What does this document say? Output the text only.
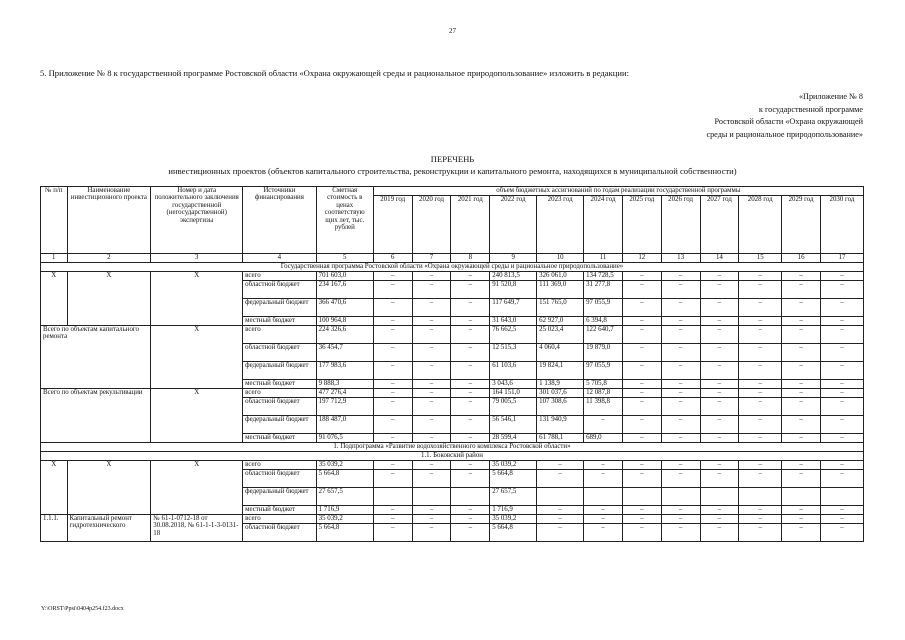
27
5. Приложение № 8 к государственной программе Ростовской области «Охрана окружающей среды и рациональное природопользование» изложить в редакции:
«Приложение № 8
к государственной программе
Ростовской области «Охрана окружающей
среды и рациональное природопользование»
ПЕРЕЧЕНЬ
инвестиционных проектов (объектов капитального строительства, реконструкции и капитального ремонта, находящихся в муниципальной собственности)
№ п/п	Наименование инвестиционного проекта	Номер и дата положительного заключения государственной (негосударственной) экспертизы	Источники финансирования	Сметная стоимость в ценах соответствую щих лет, тыс. рублей	объем бюджетных ассигнований по годам реализации государственной программы											
					2019 год	2020 год	2021 год	2022 год	2023 год	2024 год	2025 год	2026 год	2027 год	2028 год	2029 год	2030 год
1	2	3	4	5	6	7	8	9	10	11	12	13	14	15	16	17
Государственная программа Ростовской области «Охрана окружающей среды и рациональное природопользование»																
Х	Х	Х	всего	701 603,0	–	–	–	240 813,5	326 061,0	134 728,5	–	–	–	–	–	–
			областной бюджет	234 167,6	–	–	–	91 520,8	111 369,0	31 277,8	–	–	–	–	–	–
			федеральный бюджет	366 470,6	–	–	–	117 649,7	151 765,0	97 055,9	–	–	–	–	–	–
			местный бюджет	100 964,8	–	–	–	31 643,0	62 927,0	6 394,8	–	–	–	–	–	–
Всего по объектам капитального ремонта		Х	всего	224 326,6	–	–	–	76 662,5	25 023,4	122 640,7	–	–	–	–	–	–
			областной бюджет	36 454,7	–	–	–	12 515,3	4 060,4	19 879,0	–	–	–	–	–	–
			федеральный бюджет	177 983,6	–	–	–	61 103,6	19 824,1	97 055,9	–	–	–	–	–	–
			местный бюджет	9 888,3	–	–	–	3 043,6	1 138,9	5 705,8	–	–	–	–	–	–
Всего по объектам рекультивации		Х	всего	477 276,4	–	–	–	164 151,0	301 037,6	12 087,8	–	–	–	–	–	–
			областной бюджет	197 712,9	–	–	–	79 005,5	107 308,6	11 398,8	–	–	–	–	–	–
			федеральный бюджет	188 487,0	–	–	–	56 546,1	131 940,9	–	–	–	–	–	–	–
			местный бюджет	91 076,5	–	–	–	28 599,4	61 788,1	689,0	–	–	–	–	–	–
1. Подпрограмма «Развитие водохозяйственного комплекса Ростовской области»																
1.1. Боковский район																
Х	Х	Х	всего	35 039,2	–	–	–	35 039,2	–	–	–	–	–	–	–	–
			областной бюджет	5 664,8	–	–	–	5 664,8	–	–	–	–	–	–	–	–
			федеральный бюджет	27 657,5				27 657,5								
			местный бюджет	1 716,9	–	–	–	1 716,9	–	–	–	–	–	–	–	–
1.1.1.	Капитальный ремонт гидротехнического	№ 61-1-0712-18 от 30.08.2018, № 61-1-1-3-0131-18	всего	35 039,2	–	–	–	35 039,2	–	–	–	–	–	–	–	–
			областной бюджет	5 664,8	–	–	–	5 664,8	–	–	–	–	–	–	–	–
Y:\ORST\Ppsi\0404p254.f23.docx
